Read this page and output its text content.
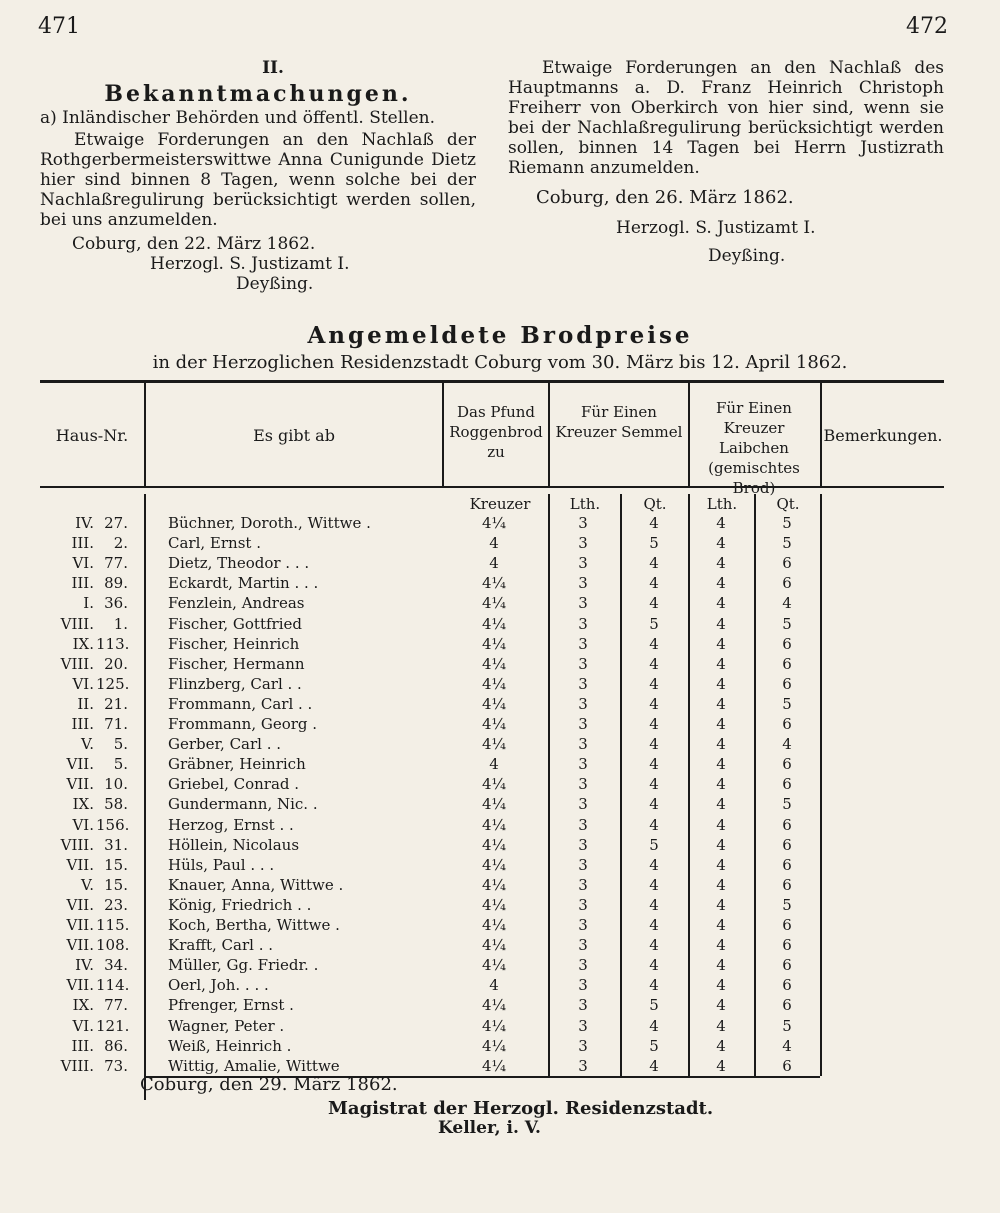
471	472
II.
Bekanntmachungen.
a) Inländischer Behörden und öffentl. Stellen.
Etwaige Forderungen an den Nachlaß der Rothgerbermeisterswittwe Anna Cunigunde Dietz hier sind binnen 8 Tagen, wenn solche bei der Nachlaßregulirung berücksichtigt werden sollen, bei uns anzumelden.
Coburg, den 22. März 1862.
Herzogl. S. Justizamt I.
Deyßing.
Etwaige Forderungen an den Nachlaß des Hauptmanns a. D. Franz Heinrich Christoph Freiherr von Oberkirch von hier sind, wenn sie bei der Nachlaßregulirung berücksichtigt werden sollen, binnen 14 Tagen bei Herrn Justizrath Riemann anzumelden.
Coburg, den 26. März 1862.
Herzogl. S. Justizamt I.
Deyßing.
Angemeldete Brodpreise
in der Herzoglichen Residenzstadt Coburg vom 30. März bis 12. April 1862.
Haus-Nr.	Es gibt ab
Das Pfund Roggenbrod zu
Für Einen Kreuzer Semmel
Für Einen Kreuzer Laibchen (gemischtes Brod)
Bemerkungen.
Kreuzer	Lth.	Qt.	Lth.	Qt.
IV. 27.	Büchner, Doroth., Wittwe .	4¼	3	4	4	5
III.	2.	Carl, Ernst .	4	3	5	4	5
VI. 77.	Dietz, Theodor . . .	4	3	4	4	6
III. 89.	Eckardt, Martin . . .	4¼	3	4	4	6
I. 36.	Fenzlein, Andreas	4¼	3	4	4	4
VIII.	1.	Fischer, Gottfried	4¼	3	5	4	5
IX. 113.	Fischer, Heinrich	4¼	3	4	4	6
VIII. 20.	Fischer, Hermann	4¼	3	4	4	6
VI. 125.	Flinzberg, Carl . .	4¼	3	4	4	6
II. 21.	Frommann, Carl . .	4¼	3	4	4	5
III. 71.	Frommann, Georg .	4¼	3	4	4	6
V.	5.	Gerber, Carl . .	4¼	3	4	4	4
VII.	5.	Gräbner, Heinrich	4	3	4	4	6
VII. 10.	Griebel, Conrad .	4¼	3	4	4	6
IX. 58.	Gundermann, Nic. .	4¼	3	4	4	5
VI. 156.	Herzog, Ernst . .	4¼	3	4	4	6
VIII. 31.	Höllein, Nicolaus	4¼	3	5	4	6
VII. 15.	Hüls, Paul . . .	4¼	3	4	4	6
V. 15.	Knauer, Anna, Wittwe .	4¼	3	4	4	6
VII. 23.	König, Friedrich . .	4¼	3	4	4	5
VII. 115.	Koch, Bertha, Wittwe .	4¼	3	4	4	6
VII. 108.	Krafft, Carl . .	4¼	3	4	4	6
IV. 34.	Müller, Gg. Friedr. .	4¼	3	4	4	6
VII. 114.	Oerl, Joh. . . .	4	3	4	4	6
IX. 77.	Pfrenger, Ernst .	4¼	3	5	4	6
VI. 121.	Wagner, Peter .	4¼	3	4	4	5
III. 86.	Weiß, Heinrich .	4¼	3	5	4	4
VIII. 73.	Wittig, Amalie, Wittwe	4¼	3	4	4	6
Coburg, den 29. März 1862.
Magistrat der Herzogl. Residenzstadt.
Keller, i. V.
